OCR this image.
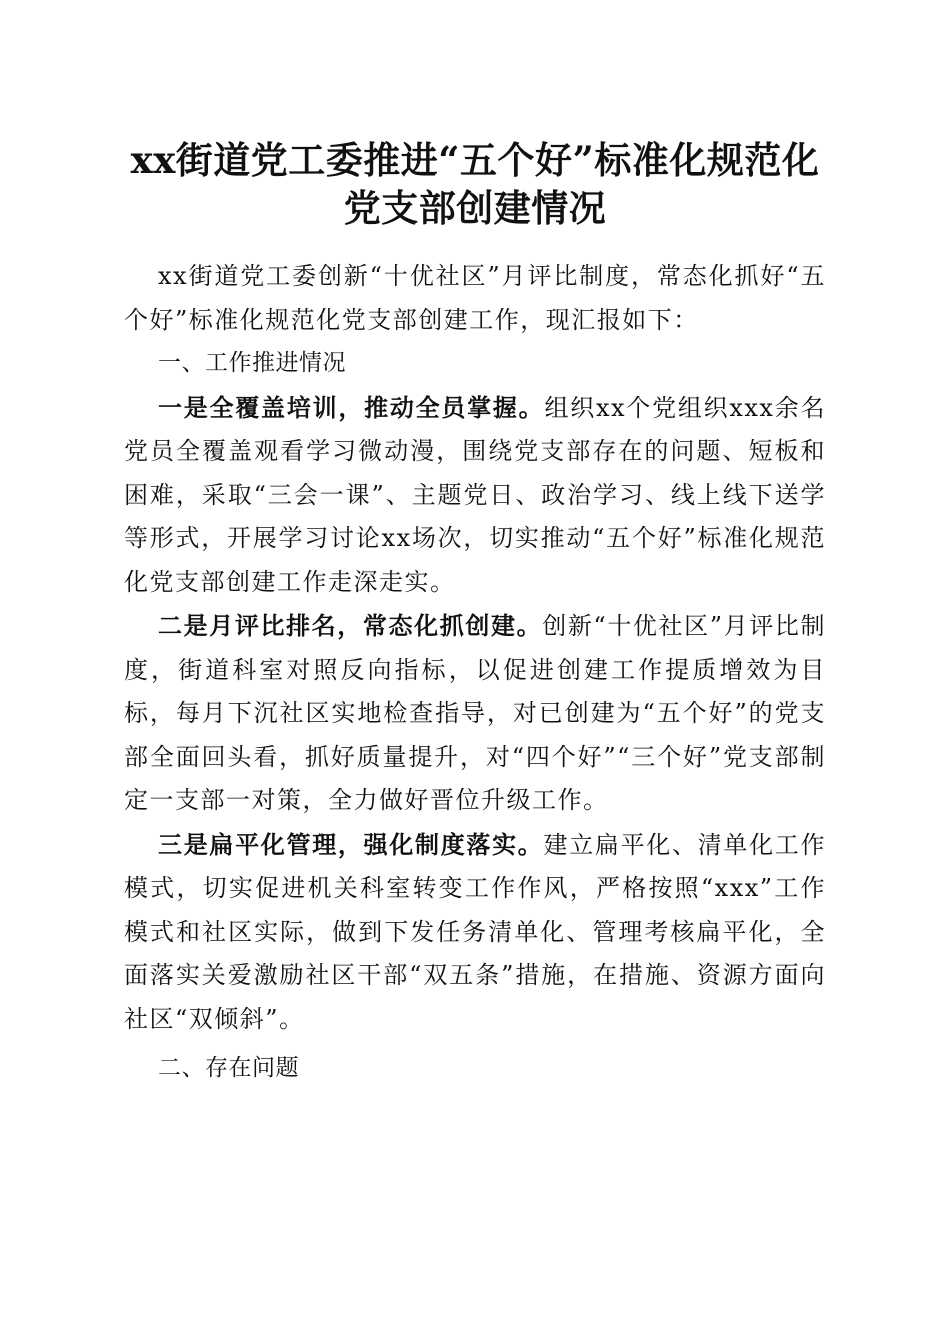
xx街道党工委推进“五个好”标准化规范化
党支部创建情况

xx街道党工委创新“十优社区”月评比制度，常态化抓好“五个好”标准化规范化党支部创建工作，现汇报如下：

一、工作推进情况

一是全覆盖培训，推动全员掌握。组织xx个党组织xxx余名党员全覆盖观看学习微动漫，围绕党支部存在的问题、短板和困难，采取“三会一课”、主题党日、政治学习、线上线下送学等形式，开展学习讨论xx场次，切实推动“五个好”标准化规范化党支部创建工作走深走实。

二是月评比排名，常态化抓创建。创新“十优社区”月评比制度，街道科室对照反向指标，以促进创建工作提质增效为目标，每月下沉社区实地检查指导，对已创建为“五个好”的党支部全面回头看，抓好质量提升，对“四个好”“三个好”党支部制定一支部一对策，全力做好晋位升级工作。

三是扁平化管理，强化制度落实。建立扁平化、清单化工作模式，切实促进机关科室转变工作作风，严格按照“xxx”工作模式和社区实际，做到下发任务清单化、管理考核扁平化，全面落实关爱激励社区干部“双五条”措施，在措施、资源方面向社区“双倾斜”。

二、存在问题
